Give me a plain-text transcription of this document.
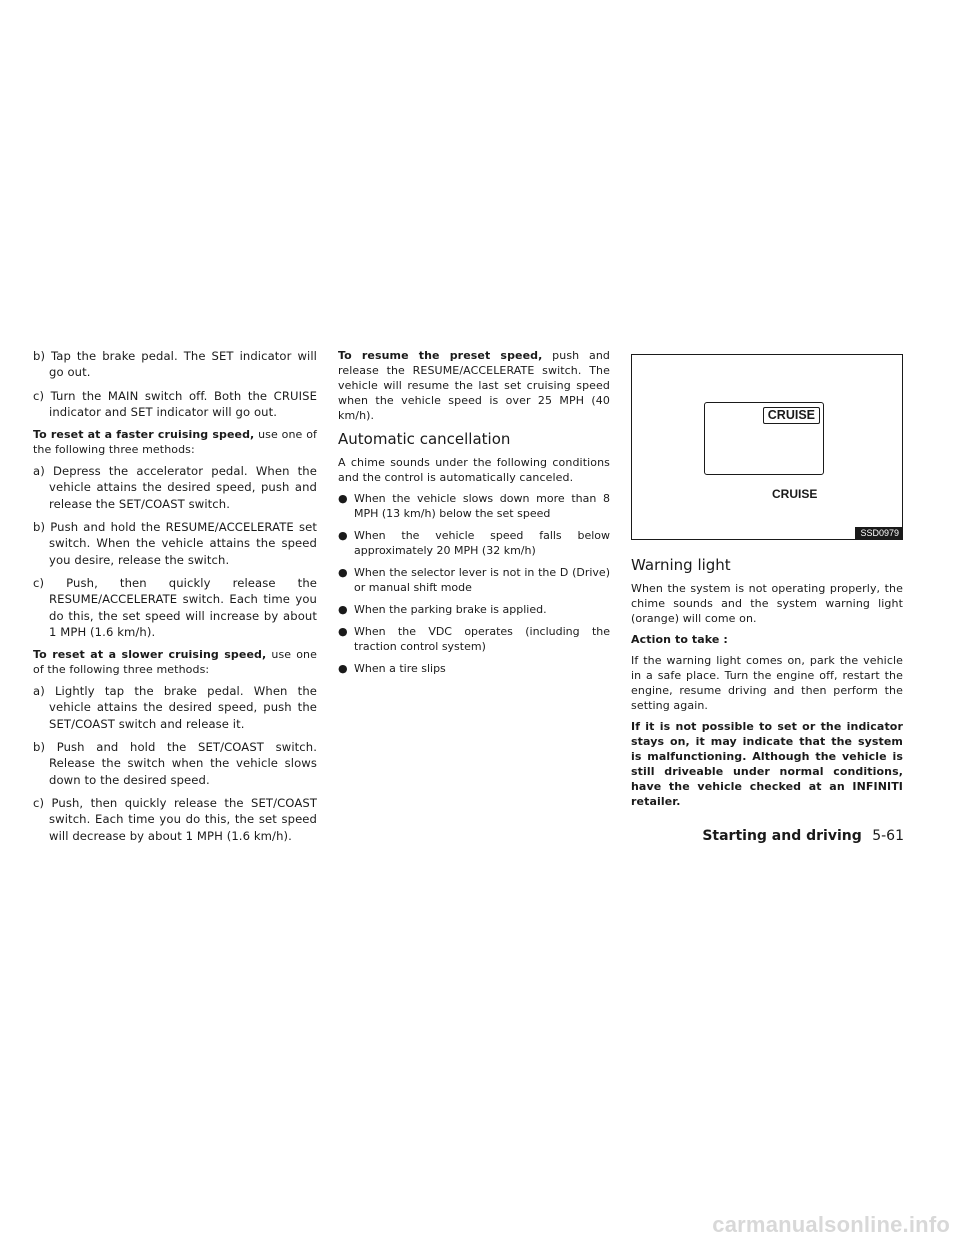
b) Tap the brake pedal. The SET indicator will go out.

c) Turn the MAIN switch off. Both the CRUISE indicator and SET indicator will go out.

To reset at a faster cruising speed, use one of the following three methods:

a) Depress the accelerator pedal. When the vehicle attains the desired speed, push and release the SET/COAST switch.

b) Push and hold the RESUME/ACCELERATE set switch. When the vehicle attains the speed you desire, release the switch.

c) Push, then quickly release the RESUME/ACCELERATE switch. Each time you do this, the set speed will increase by about 1 MPH (1.6 km/h).

To reset at a slower cruising speed, use one of the following three methods:

a) Lightly tap the brake pedal. When the vehicle attains the desired speed, push the SET/COAST switch and release it.

b) Push and hold the SET/COAST switch. Release the switch when the vehicle slows down to the desired speed.

c) Push, then quickly release the SET/COAST switch. Each time you do this, the set speed will decrease by about 1 MPH (1.6 km/h).

To resume the preset speed, push and release the RESUME/ACCELERATE switch. The vehicle will resume the last set cruising speed when the vehicle speed is over 25 MPH (40 km/h).

Automatic cancellation

A chime sounds under the following conditions and the control is automatically canceled.

● When the vehicle slows down more than 8 MPH (13 km/h) below the set speed
● When the vehicle speed falls below approximately 20 MPH (32 km/h)
● When the selector lever is not in the D (Drive) or manual shift mode
● When the parking brake is applied.
● When the VDC operates (including the traction control system)
● When a tire slips
CRUISE
CRUISE
SSD0979
Warning light

When the system is not operating properly, the chime sounds and the system warning light (orange) will come on.

Action to take :

If the warning light comes on, park the vehicle in a safe place. Turn the engine off, restart the engine, resume driving and then perform the setting again.

If it is not possible to set or the indicator stays on, it may indicate that the system is malfunctioning. Although the vehicle is still driveable under normal conditions, have the vehicle checked at an INFINITI retailer.

Starting and driving 5-61
carmanualsonline.info
